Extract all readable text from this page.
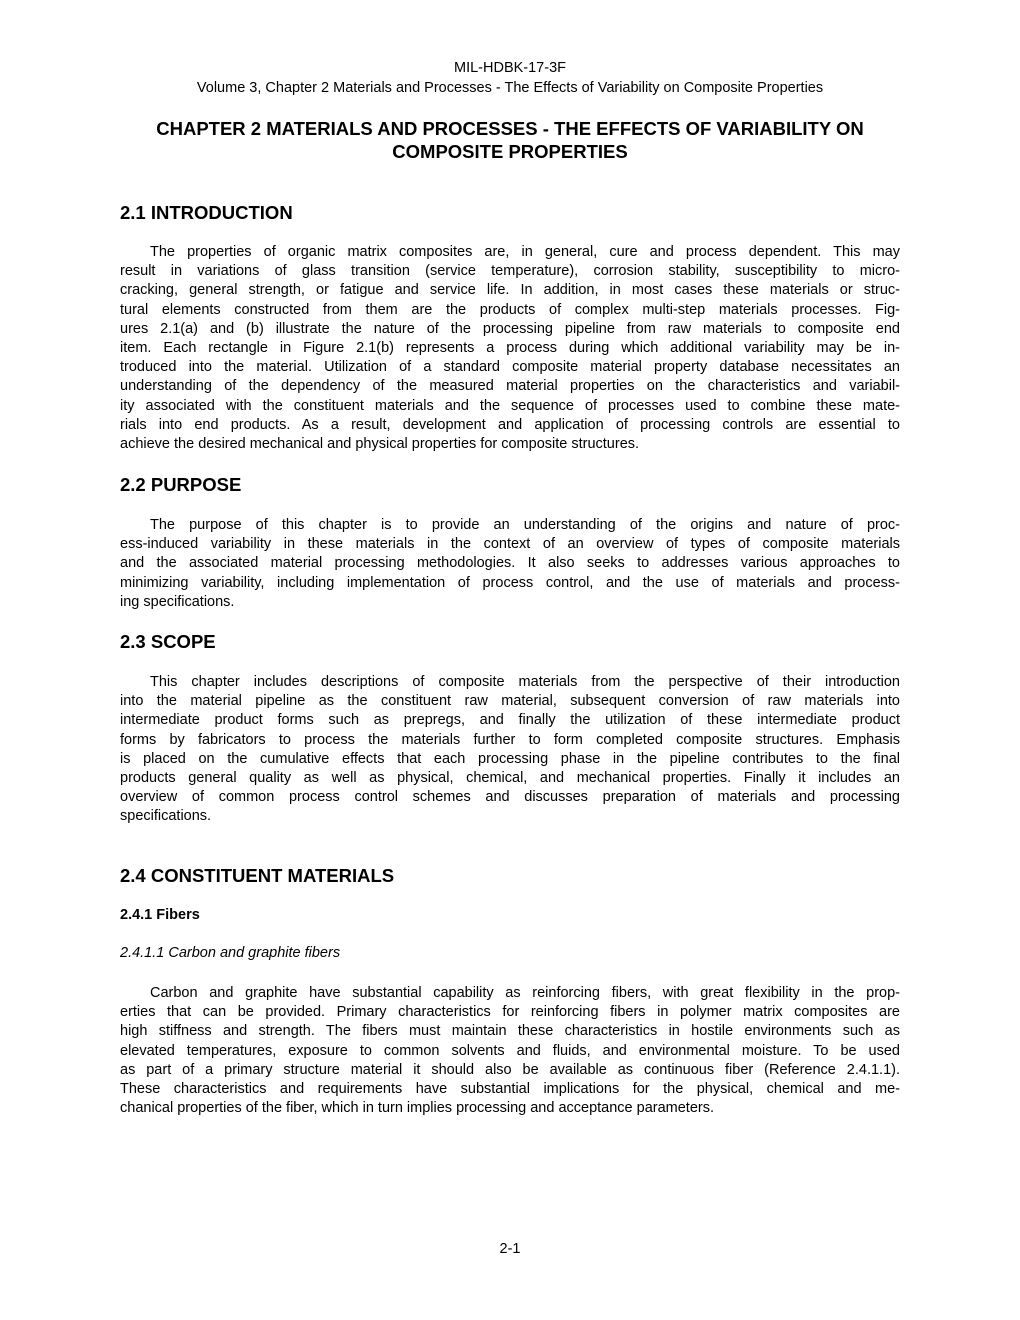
MIL-HDBK-17-3F
Volume 3, Chapter 2 Materials and Processes - The Effects of Variability on Composite Properties
CHAPTER 2 MATERIALS AND PROCESSES - THE EFFECTS OF VARIABILITY ON
COMPOSITE PROPERTIES
2.1 INTRODUCTION
The properties of organic matrix composites are, in general, cure and process dependent. This may
result in variations of glass transition (service temperature), corrosion stability, susceptibility to micro-
cracking, general strength, or fatigue and service life. In addition, in most cases these materials or struc-
tural elements constructed from them are the products of complex multi-step materials processes. Fig-
ures 2.1(a) and (b) illustrate the nature of the processing pipeline from raw materials to composite end
item. Each rectangle in Figure 2.1(b) represents a process during which additional variability may be in-
troduced into the material. Utilization of a standard composite material property database necessitates an
understanding of the dependency of the measured material properties on the characteristics and variabil-
ity associated with the constituent materials and the sequence of processes used to combine these mate-
rials into end products. As a result, development and application of processing controls are essential to
achieve the desired mechanical and physical properties for composite structures.
2.2 PURPOSE
The purpose of this chapter is to provide an understanding of the origins and nature of proc-
ess-induced variability in these materials in the context of an overview of types of composite materials
and the associated material processing methodologies. It also seeks to addresses various approaches to
minimizing variability, including implementation of process control, and the use of materials and process-
ing specifications.
2.3 SCOPE
This chapter includes descriptions of composite materials from the perspective of their introduction
into the material pipeline as the constituent raw material, subsequent conversion of raw materials into
intermediate product forms such as prepregs, and finally the utilization of these intermediate product
forms by fabricators to process the materials further to form completed composite structures. Emphasis
is placed on the cumulative effects that each processing phase in the pipeline contributes to the final
products general quality as well as physical, chemical, and mechanical properties. Finally it includes an
overview of common process control schemes and discusses preparation of materials and processing
specifications.
2.4 CONSTITUENT MATERIALS
2.4.1 Fibers
2.4.1.1 Carbon and graphite fibers
Carbon and graphite have substantial capability as reinforcing fibers, with great flexibility in the prop-
erties that can be provided. Primary characteristics for reinforcing fibers in polymer matrix composites are
high stiffness and strength. The fibers must maintain these characteristics in hostile environments such as
elevated temperatures, exposure to common solvents and fluids, and environmental moisture. To be used
as part of a primary structure material it should also be available as continuous fiber (Reference 2.4.1.1).
These characteristics and requirements have substantial implications for the physical, chemical and me-
chanical properties of the fiber, which in turn implies processing and acceptance parameters.
2-1
